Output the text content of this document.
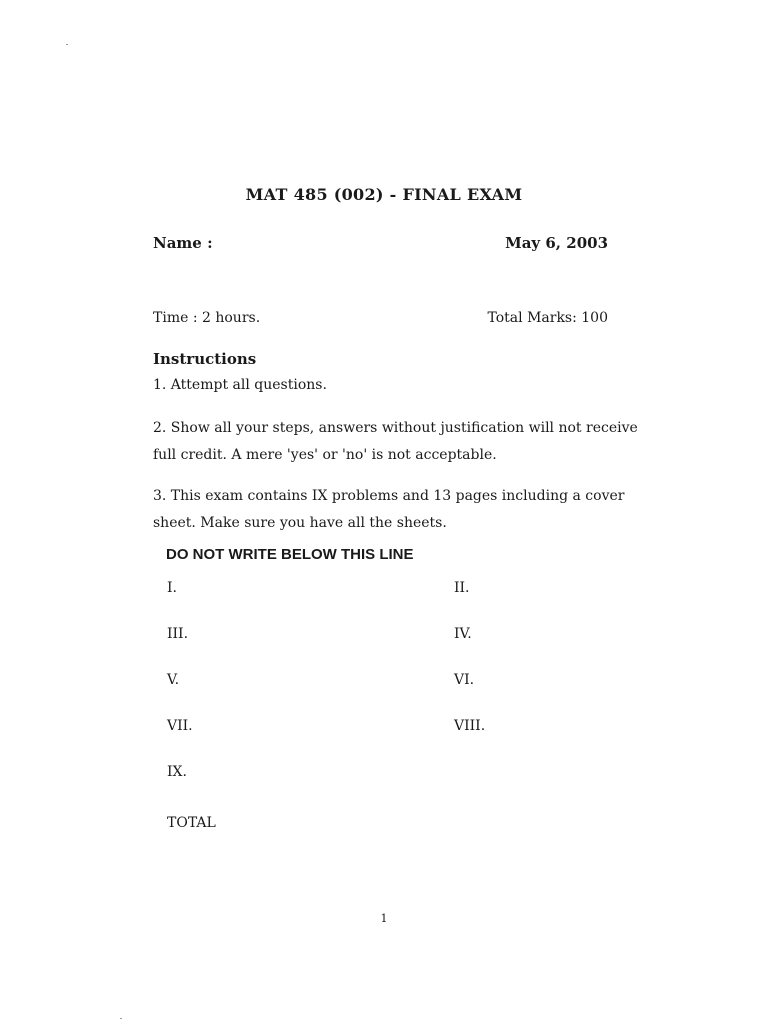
MAT 485 (002) - FINAL EXAM
Name :	May 6, 2003
Time : 2 hours.	Total Marks: 100
Instructions
1. Attempt all questions.
2. Show all your steps, answers without justification will not receive
full credit. A mere 'yes' or 'no' is not acceptable.
3. This exam contains IX problems and 13 pages including a cover
sheet. Make sure you have all the sheets.
DO NOT WRITE BELOW THIS LINE
I.	II.
III.	IV.
V.	VI.
VII.	VIII.
IX.
TOTAL
1
